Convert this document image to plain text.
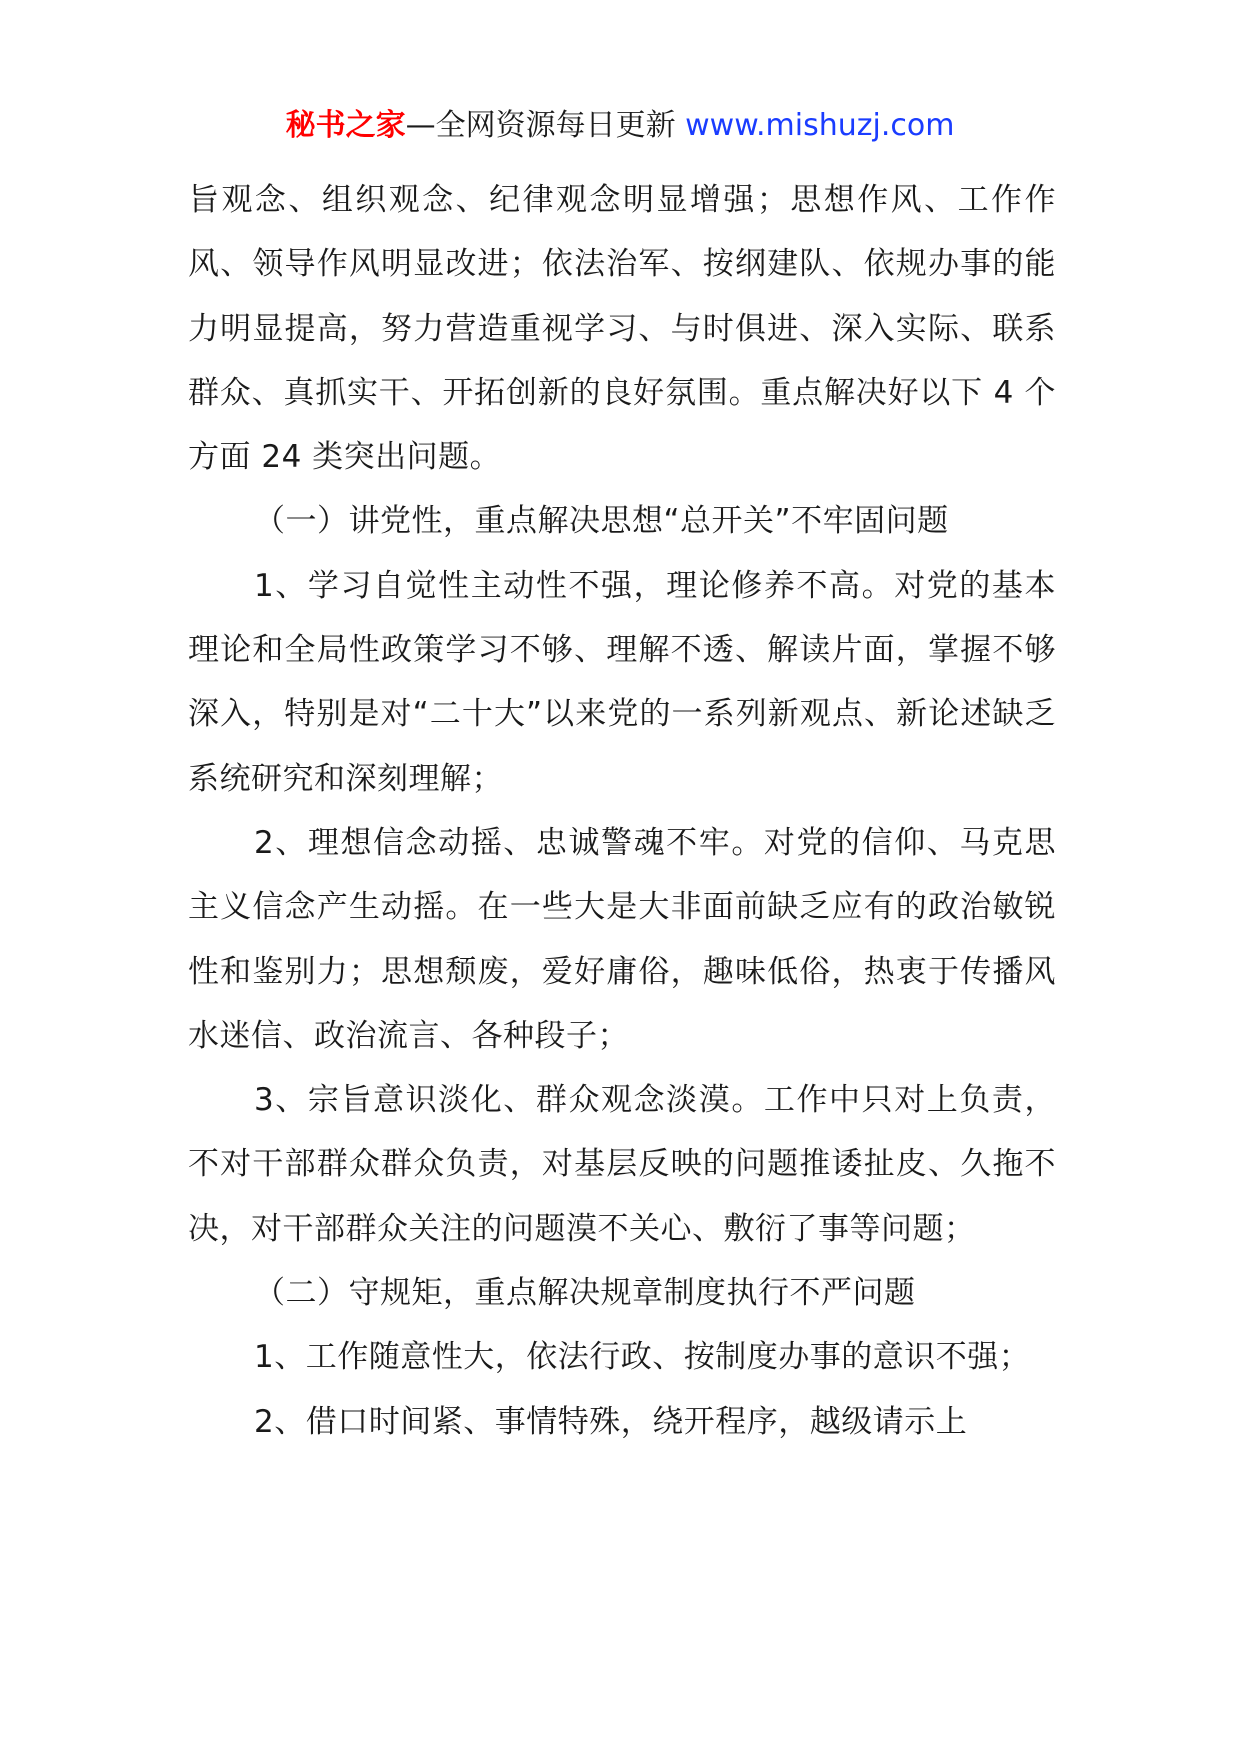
秘书之家—全网资源每日更新 www.mishuzj.com

旨观念、组织观念、纪律观念明显增强；思想作风、工作作风、领导作风明显改进；依法治军、按纲建队、依规办事的能力明显提高，努力营造重视学习、与时俱进、深入实际、联系群众、真抓实干、开拓创新的良好氛围。重点解决好以下 4 个方面 24 类突出问题。

（一）讲党性，重点解决思想“总开关”不牢固问题

1、学习自觉性主动性不强，理论修养不高。对党的基本理论和全局性政策学习不够、理解不透、解读片面，掌握不够深入，特别是对“二十大”以来党的一系列新观点、新论述缺乏系统研究和深刻理解；

2、理想信念动摇、忠诚警魂不牢。对党的信仰、马克思主义信念产生动摇。在一些大是大非面前缺乏应有的政治敏锐性和鉴别力；思想颓废，爱好庸俗，趣味低俗，热衷于传播风水迷信、政治流言、各种段子；

3、宗旨意识淡化、群众观念淡漠。工作中只对上负责，不对干部群众群众负责，对基层反映的问题推诿扯皮、久拖不决，对干部群众关注的问题漠不关心、敷衍了事等问题；

（二）守规矩，重点解决规章制度执行不严问题

1、工作随意性大，依法行政、按制度办事的意识不强；

2、借口时间紧、事情特殊，绕开程序，越级请示上
